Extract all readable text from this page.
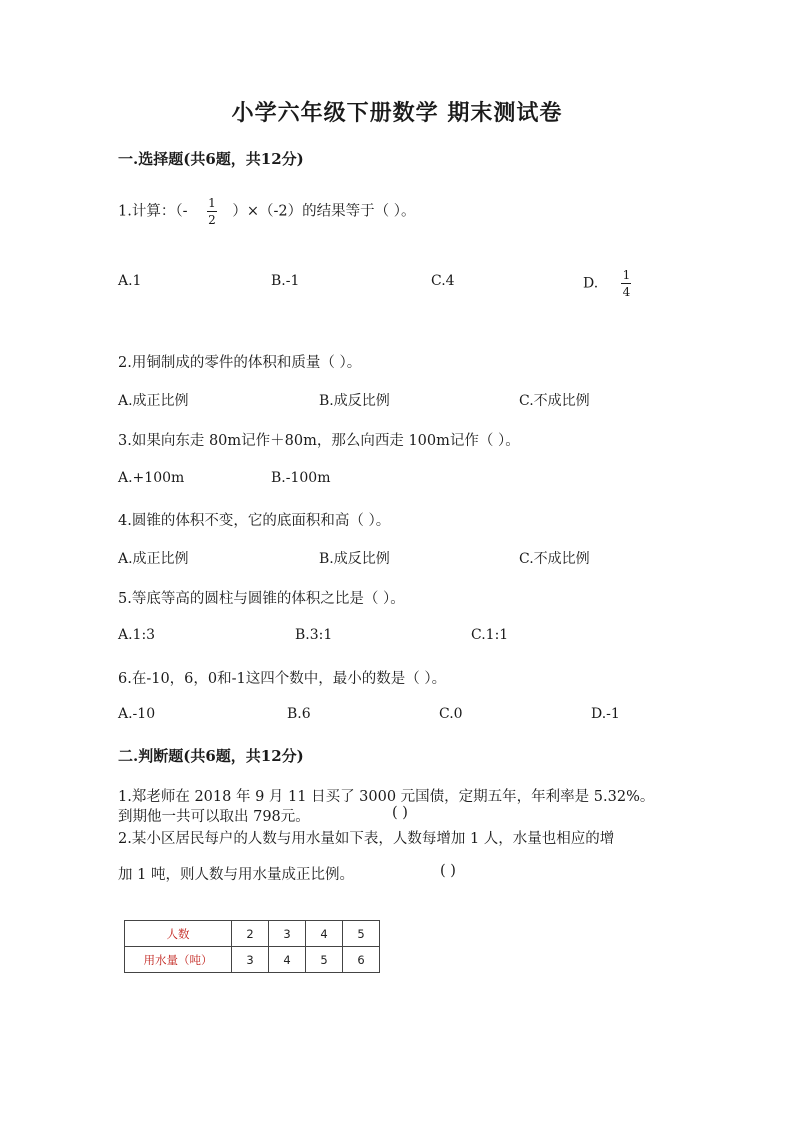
小学六年级下册数学 期末测试卷
一.选择题(共6题，共12分)
1.计算：（- $\frac{1}{2} )\times(-2)$的结果等于（ ）。
A.1	B.-1	C.4	D. $\frac{1}{4}$
2.用铜制成的零件的体积和质量（ ）。
A.成正比例	B.成反比例	C.不成比例
3.如果向东走 80m记作＋80m，那么向西走 100m记作（ ）。
A.+100m	B.-100m
4.圆锥的体积不变，它的底面积和高（ ）。
A.成正比例	B.成反比例	C.不成比例
5.等底等高的圆柱与圆锥的体积之比是（ ）。
A.1:3	B.3:1	C.1:1
6.在-10，6，0和-1这四个数中，最小的数是（ ）。
A.-10	B.6	C.0	D.-1
二.判断题(共6题，共12分)
1.郑老师在 2018 年 9 月 11 日买了 3000 元国债，定期五年，年利率是 5.32%。
到期他一共可以取出 798元。	( )
2.某小区居民每户的人数与用水量如下表，人数每增加 1 人，水量也相应的增
加 1 吨，则人数与用水量成正比例。	( )
人数	2	3	4	5
用水量（吨）	3	4	5	6
